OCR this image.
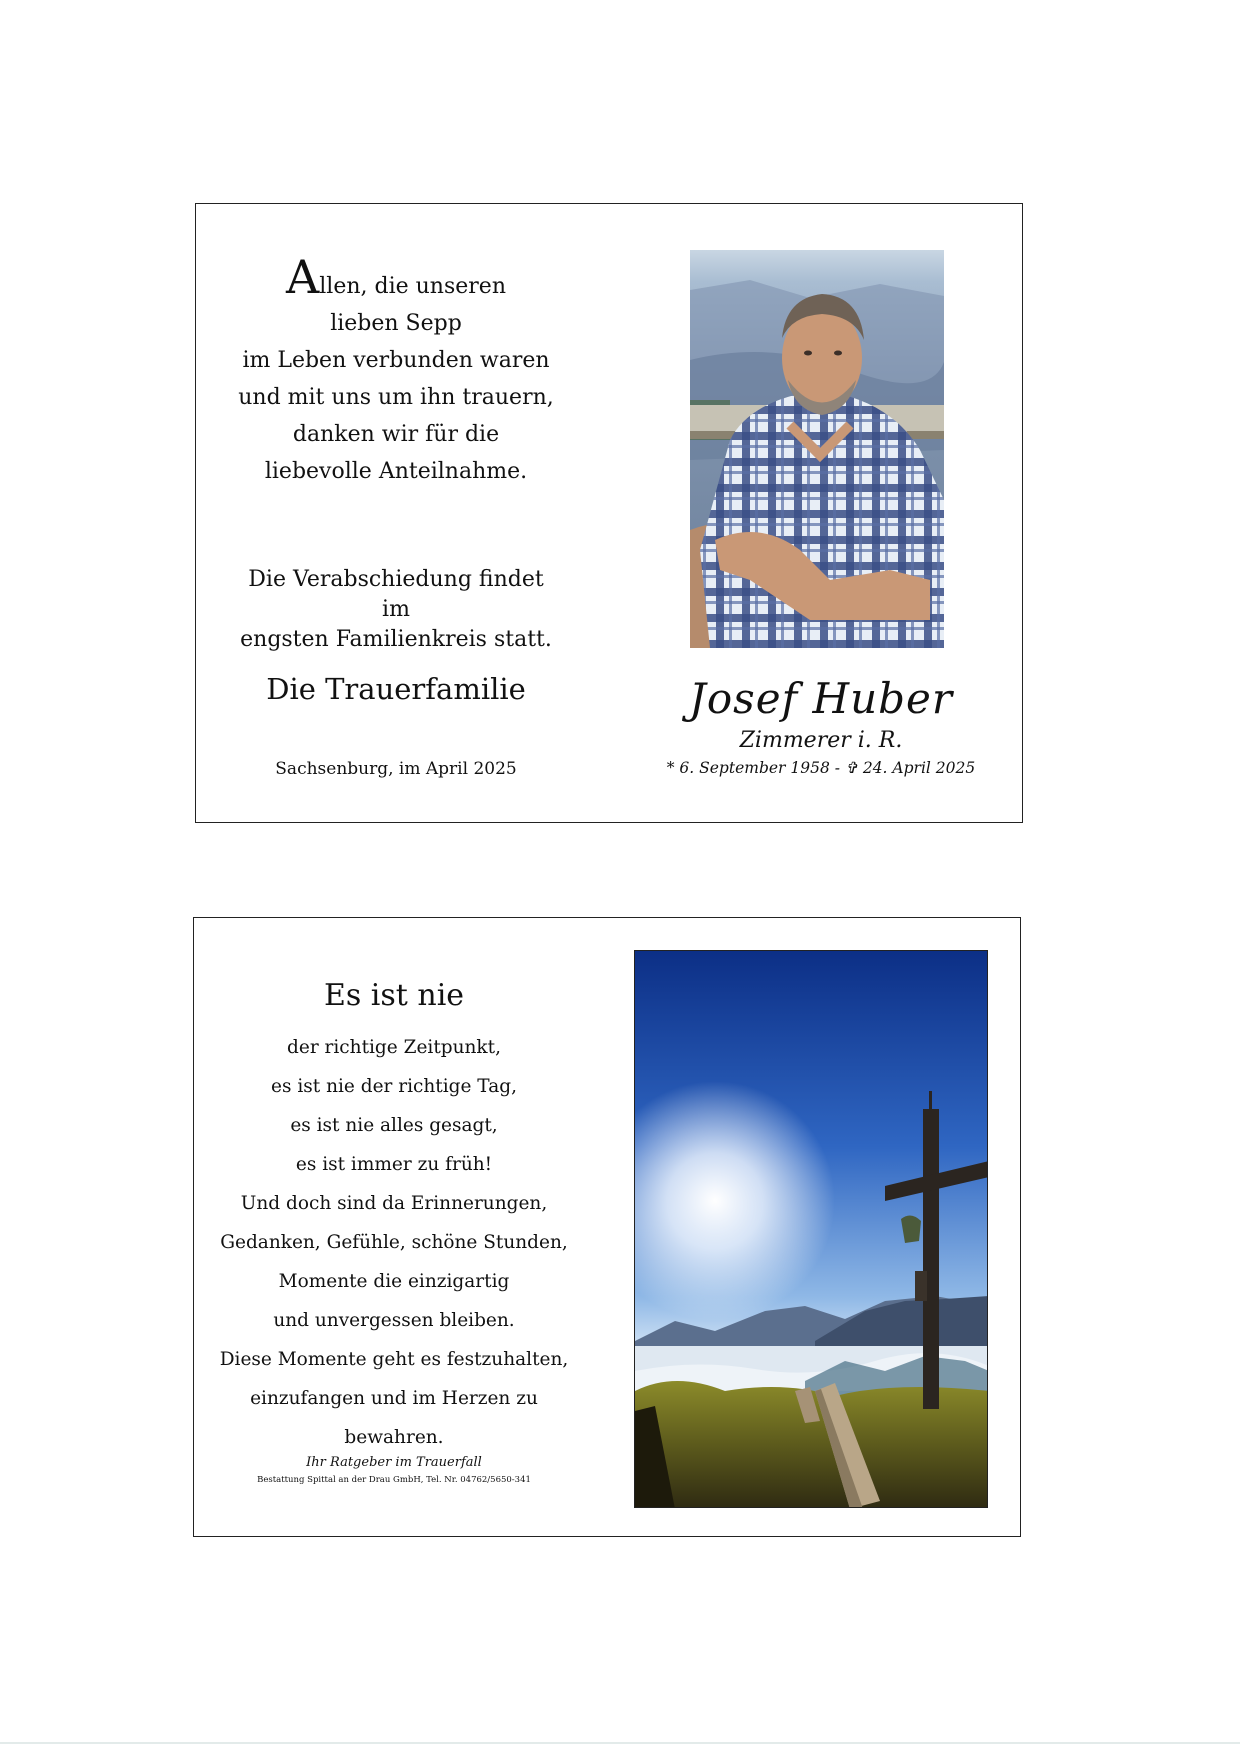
Allen, die unseren
lieben Sepp
im Leben verbunden waren
und mit uns um ihn trauern,
danken wir für die
liebevolle Anteilnahme.
Die Verabschiedung findet im
engsten Familienkreis statt.
Die Trauerfamilie
Sachsenburg, im April 2025
Josef Huber
Zimmerer i. R.
* 6. September 1958 - ✞ 24. April 2025
Es ist nie
der richtige Zeitpunkt,
es ist nie der richtige Tag,
es ist nie alles gesagt,
es ist immer zu früh!
Und doch sind da Erinnerungen,
Gedanken, Gefühle, schöne Stunden,
Momente die einzigartig
und unvergessen bleiben.
Diese Momente geht es festzuhalten,
einzufangen und im Herzen zu bewahren.
Ihr Ratgeber im Trauerfall
Bestattung Spittal an der Drau GmbH, Tel. Nr. 04762/5650-341
